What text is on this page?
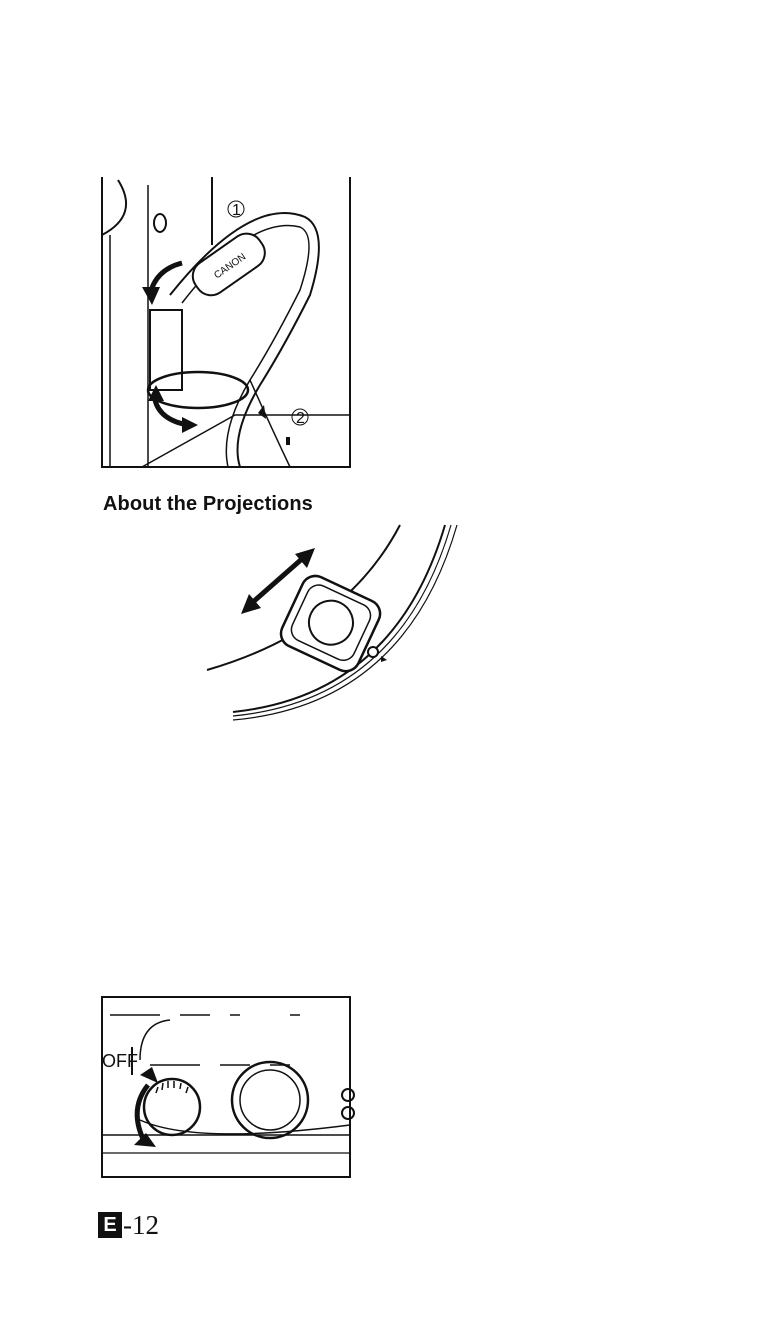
CANON
1
2
About the Projections
OFF
E -12
